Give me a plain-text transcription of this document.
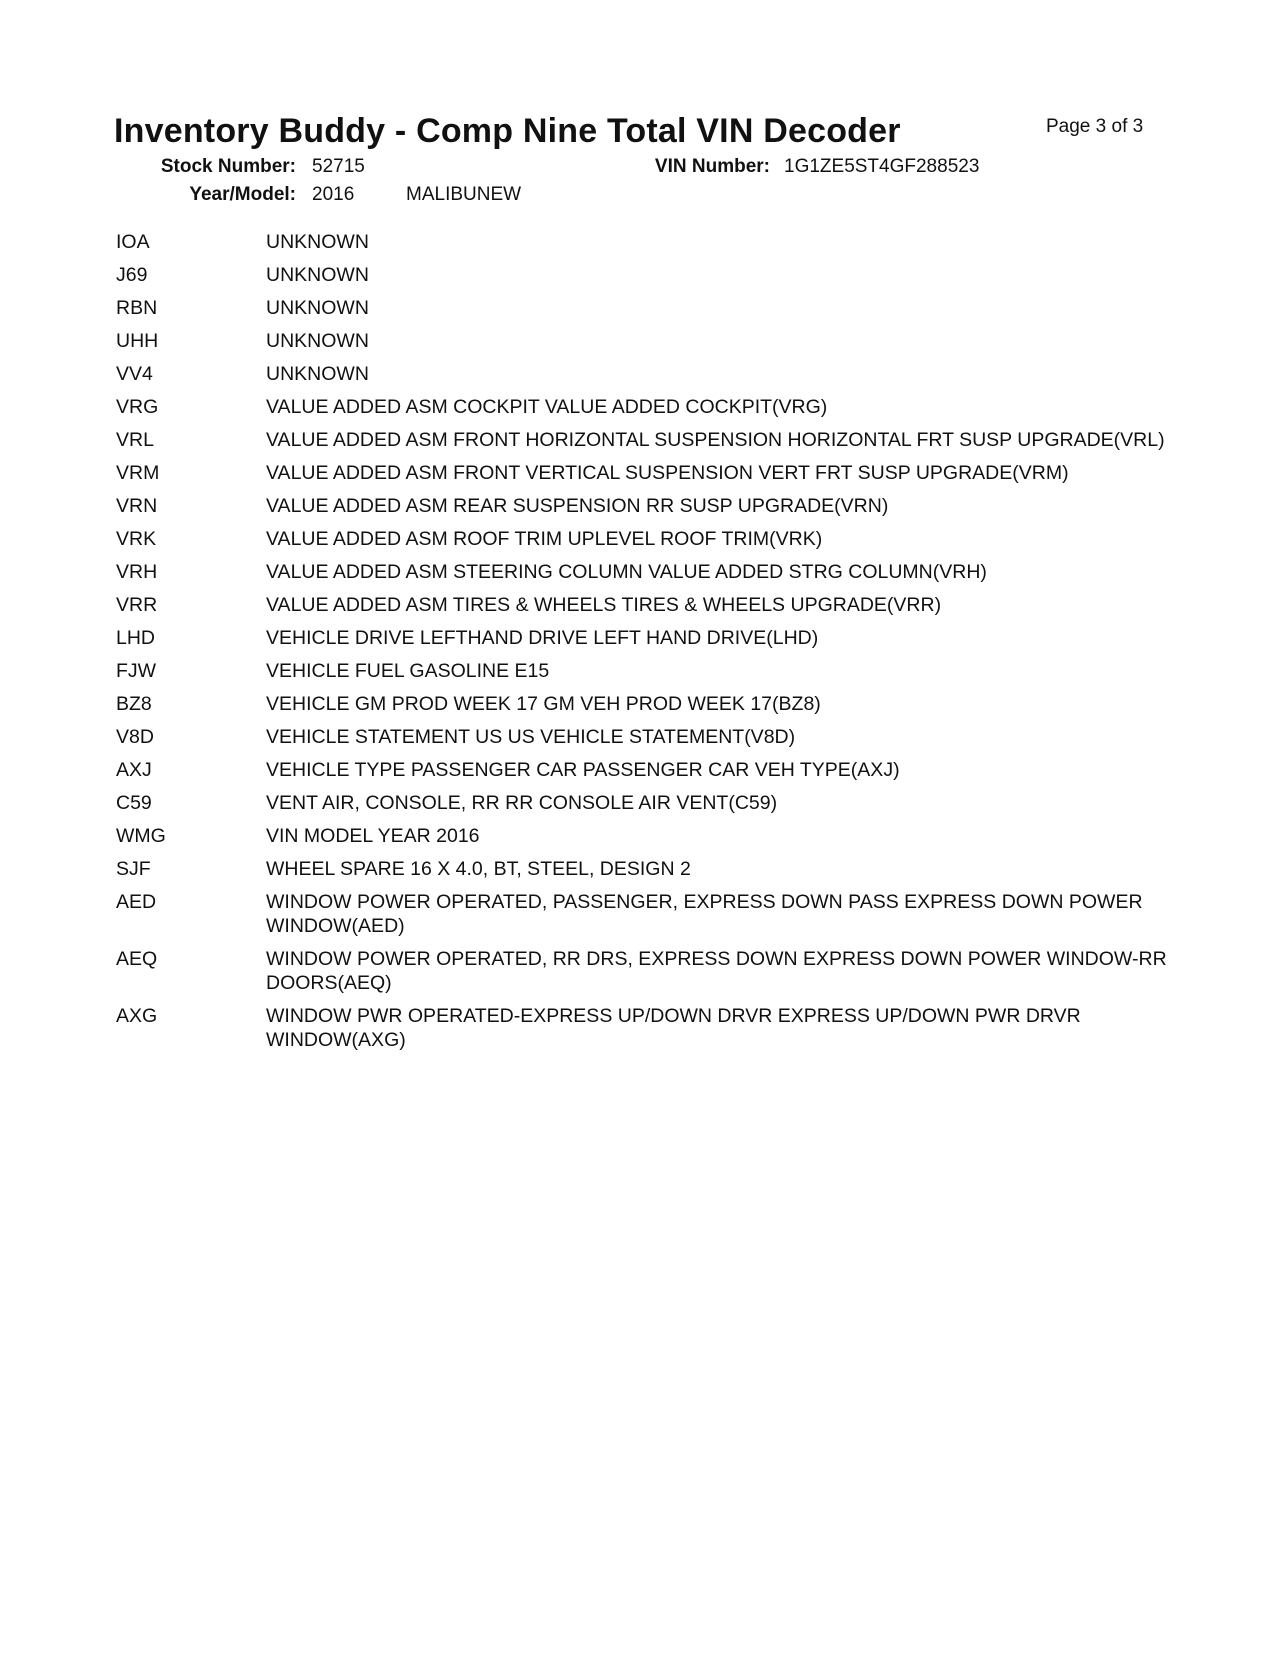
Inventory Buddy - Comp Nine Total VIN Decoder	Page 3 of 3
Stock Number: 52715	VIN Number: 1G1ZE5ST4GF288523
Year/Model: 2016	MALIBUNEW
IOA	UNKNOWN
J69	UNKNOWN
RBN	UNKNOWN
UHH	UNKNOWN
VV4	UNKNOWN
VRG	VALUE ADDED ASM COCKPIT VALUE ADDED COCKPIT(VRG)
VRL	VALUE ADDED ASM FRONT HORIZONTAL SUSPENSION HORIZONTAL FRT SUSP UPGRADE(VRL)
VRM	VALUE ADDED ASM FRONT VERTICAL SUSPENSION VERT FRT SUSP UPGRADE(VRM)
VRN	VALUE ADDED ASM REAR SUSPENSION RR SUSP UPGRADE(VRN)
VRK	VALUE ADDED ASM ROOF TRIM UPLEVEL ROOF TRIM(VRK)
VRH	VALUE ADDED ASM STEERING COLUMN VALUE ADDED STRG COLUMN(VRH)
VRR	VALUE ADDED ASM TIRES & WHEELS TIRES & WHEELS UPGRADE(VRR)
LHD	VEHICLE DRIVE LEFTHAND DRIVE LEFT HAND DRIVE(LHD)
FJW	VEHICLE FUEL GASOLINE E15
BZ8	VEHICLE GM PROD WEEK 17 GM VEH PROD WEEK 17(BZ8)
V8D	VEHICLE STATEMENT US US VEHICLE STATEMENT(V8D)
AXJ	VEHICLE TYPE PASSENGER CAR PASSENGER CAR VEH TYPE(AXJ)
C59	VENT AIR, CONSOLE, RR RR CONSOLE AIR VENT(C59)
WMG	VIN MODEL YEAR 2016
SJF	WHEEL SPARE 16 X 4.0, BT, STEEL, DESIGN 2
AED	WINDOW POWER OPERATED, PASSENGER, EXPRESS DOWN PASS EXPRESS DOWN POWER WINDOW(AED)
AEQ	WINDOW POWER OPERATED, RR DRS, EXPRESS DOWN EXPRESS DOWN POWER WINDOW-RR DOORS(AEQ)
AXG	WINDOW PWR OPERATED-EXPRESS UP/DOWN DRVR EXPRESS UP/DOWN PWR DRVR WINDOW(AXG)
